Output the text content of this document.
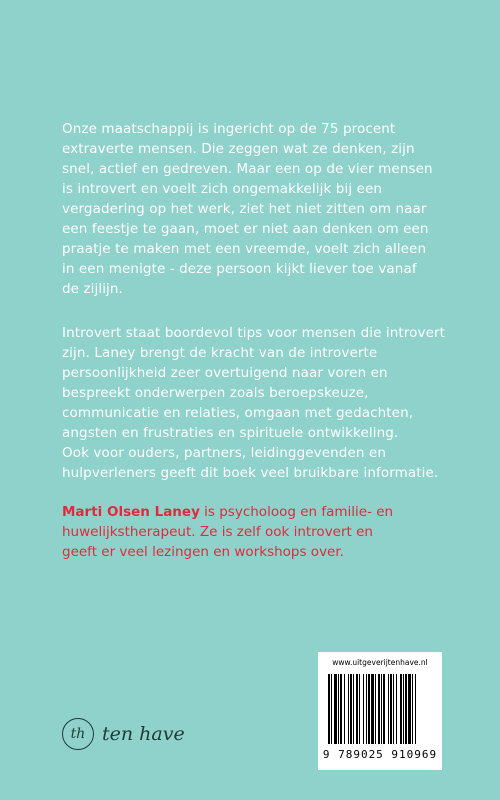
Onze maatschappij is ingericht op de 75 procent
extraverte mensen. Die zeggen wat ze denken, zijn
snel, actief en gedreven. Maar een op de vier mensen
is introvert en voelt zich ongemakkelijk bij een
vergadering op het werk, ziet het niet zitten om naar
een feestje te gaan, moet er niet aan denken om een
praatje te maken met een vreemde, voelt zich alleen
in een menigte - deze persoon kijkt liever toe vanaf
de zijlijn.
Introvert staat boordevol tips voor mensen die introvert
zijn. Laney brengt de kracht van de introverte
persoonlijkheid zeer overtuigend naar voren en
bespreekt onderwerpen zoals beroepskeuze,
communicatie en relaties, omgaan met gedachten,
angsten en frustraties en spirituele ontwikkeling.
Ook voor ouders, partners, leidinggevenden en
hulpverleners geeft dit boek veel bruikbare informatie.
Marti Olsen Laney is psycholoog en familie- en
huwelijkstherapeut. Ze is zelf ook introvert en
geeft er veel lezingen en workshops over.
th ten have
www.uitgeverijtenhave.nl
9 789025 910969
